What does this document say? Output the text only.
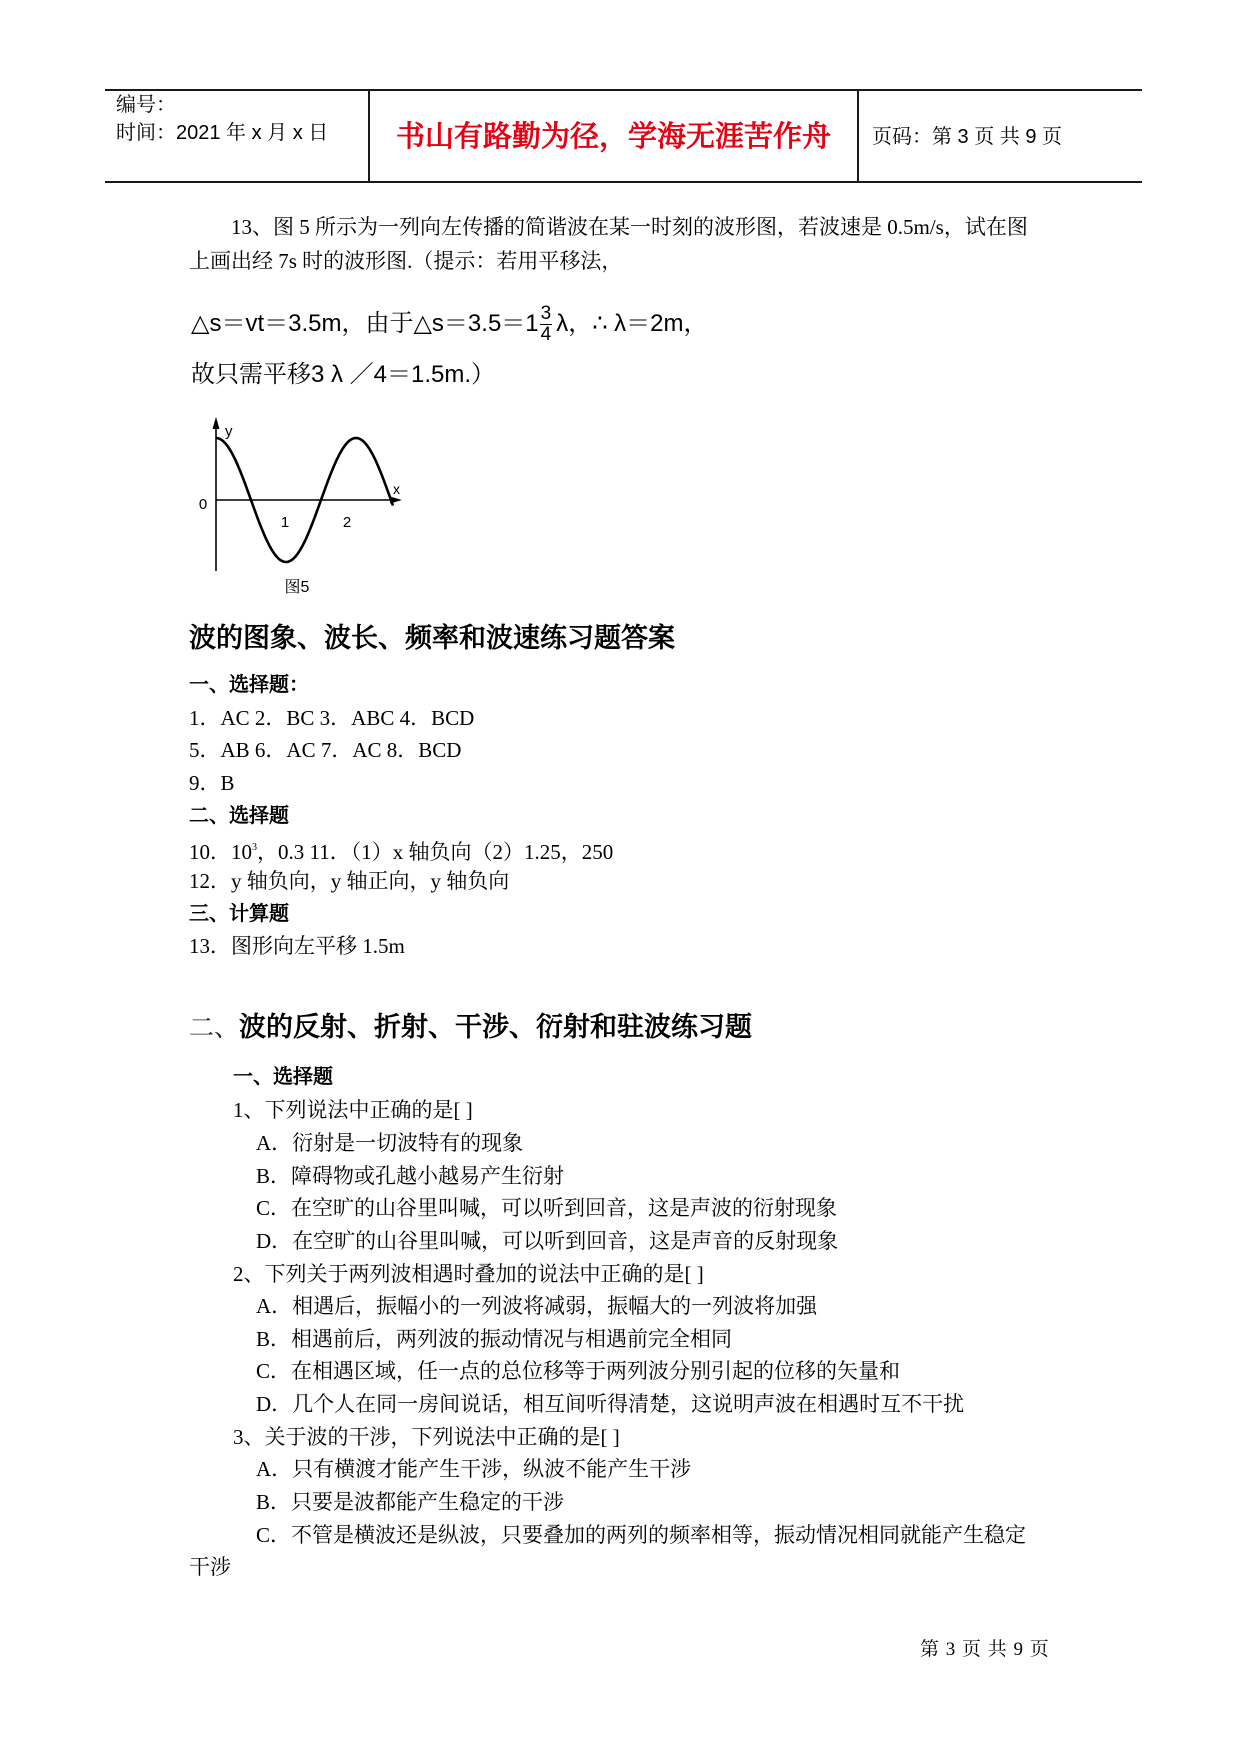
编号：
时间：2021 年 x 月 x 日	书山有路勤为径，学海无涯苦作舟	页码：第 3 页 共 9 页
13、图 5 所示为一列向左传播的简谐波在某一时刻的波形图，若波速是 0.5m/s，试在图
上画出经 7s 时的波形图.（提示：若用平移法，
△s＝vt＝3.5m，由于△s＝3.5＝1 $\frac{3}{4}$ λ，∴ λ＝2m，
故只需平移3 λ ／4＝1.5m.）
y
x
0
1	2
图5
波的图象、波长、频率和波速练习题答案
一、选择题：
1．AC 2．BC 3．ABC 4．BCD
5．AB 6．AC 7．AC 8．BCD
9．B
二、选择题
10．$10^3$，0.3 11．（1）x 轴负向（2）1.25，250
12．y 轴负向，y 轴正向，y 轴负向
三、计算题
13．图形向左平移 1.5m
二、波的反射、折射、干涉、衍射和驻波练习题
一、选择题
1、下列说法中正确的是[ ]
A．衍射是一切波特有的现象
B．障碍物或孔越小越易产生衍射
C．在空旷的山谷里叫喊，可以听到回音，这是声波的衍射现象
D．在空旷的山谷里叫喊，可以听到回音，这是声音的反射现象
2、下列关于两列波相遇时叠加的说法中正确的是[ ]
A．相遇后，振幅小的一列波将减弱，振幅大的一列波将加强
B．相遇前后，两列波的振动情况与相遇前完全相同
C．在相遇区域，任一点的总位移等于两列波分别引起的位移的矢量和
D．几个人在同一房间说话，相互间听得清楚，这说明声波在相遇时互不干扰
3、关于波的干涉，下列说法中正确的是[ ]
A．只有横渡才能产生干涉，纵波不能产生干涉
B．只要是波都能产生稳定的干涉
C．不管是横波还是纵波，只要叠加的两列的频率相等，振动情况相同就能产生稳定
干涉
第 3 页 共 9 页
